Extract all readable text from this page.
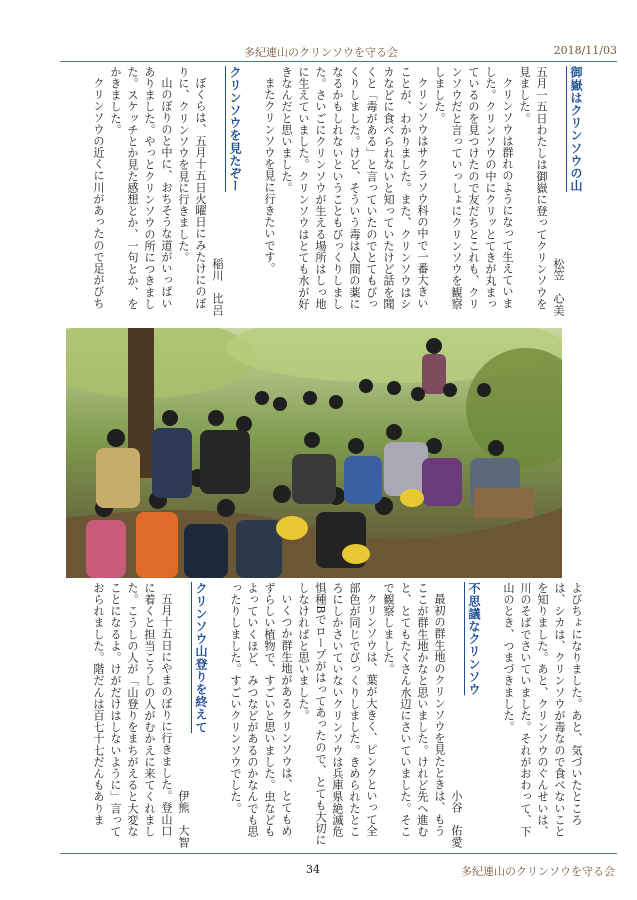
多紀連山のクリンソウを守る会	2018/11/03
御嶽はクリンソウの山
松笠　心美

五月一五日わたしは御嶽に登ってクリンソウを見ました。

クリンソウは群れのようになって生えていました。クリンソウの中にクリッとてきが丸まっているのを見つけたので友だちとこれも、クリンソウだと言っていっしょにクリンソウを観察しました。

クリンソウはサクラソウ科の中で一番大きいことが、わかりました。また、クリンソウはシカなどに食べられないと知っていたけど話を聞くと「毒がある」と言っていたのでとてもびっくりしました。けど、そういう毒は人間の薬になるかもしれないということもびっくりしました。さいごにクリンソウが生える場所はしっ地に生えていました。クリンソウはとても水が好きなんだと思いました。

またクリンソウを見に行きたいです。

クリンソウを見たぞー
稲川　比呂

ぼくらは、五月十五日火曜日にみたけにのぼりに、クリンソウを見に行きました。

山のぼりのと中に、おちそうな道がいっぱいありました。やっとクリンソウの所につきました。スケッチとか見た感想とか、一句とか、をかきました。

クリンソウの近くに川があったので足がびち

よびちょになりました。あと、気づいたところは、シカは、クリンソウが毒なので食べないことを知りました。あと、クリンソウのぐんせいは、川のそばでさいていました。それがおわって、下山のとき、つまづきました。

不思議なクリンソウ
小谷　佑愛

最初の群生地のクリンソウを見たときは、もうここが群生地かなと思いました。けれど先へ進むと、とてもたくさん水辺にさいていました。そこで観察しました。

クリンソウは、葉が大きく、ピンクといって全部色が同じでびっくりしました。きめられたところにしかさいていないクリンソウは兵庫県絶滅危惧種Bでロープがはってあったので、とても大切にしなければと思いました。

いくつか群生地があるクリンソウは、とてもめずらしい植物で、すごいと思いました。虫なども よっていくほど、みつなどがあるのかなんでも思ったりしました。すごいクリンソウでした。

クリンソウ山登りを終えて
伊熊　大智

五月十五日にやまのぼりに行きました。登山口に着くと担当こうしの人がむかえに来てくれました。こうしの人が「山登りをまちがえると大変なことになるよ。けがだけはしないように」言っておられました。階だんは百七十七だんもありま

34	多紀連山のクリンソウを守る会
